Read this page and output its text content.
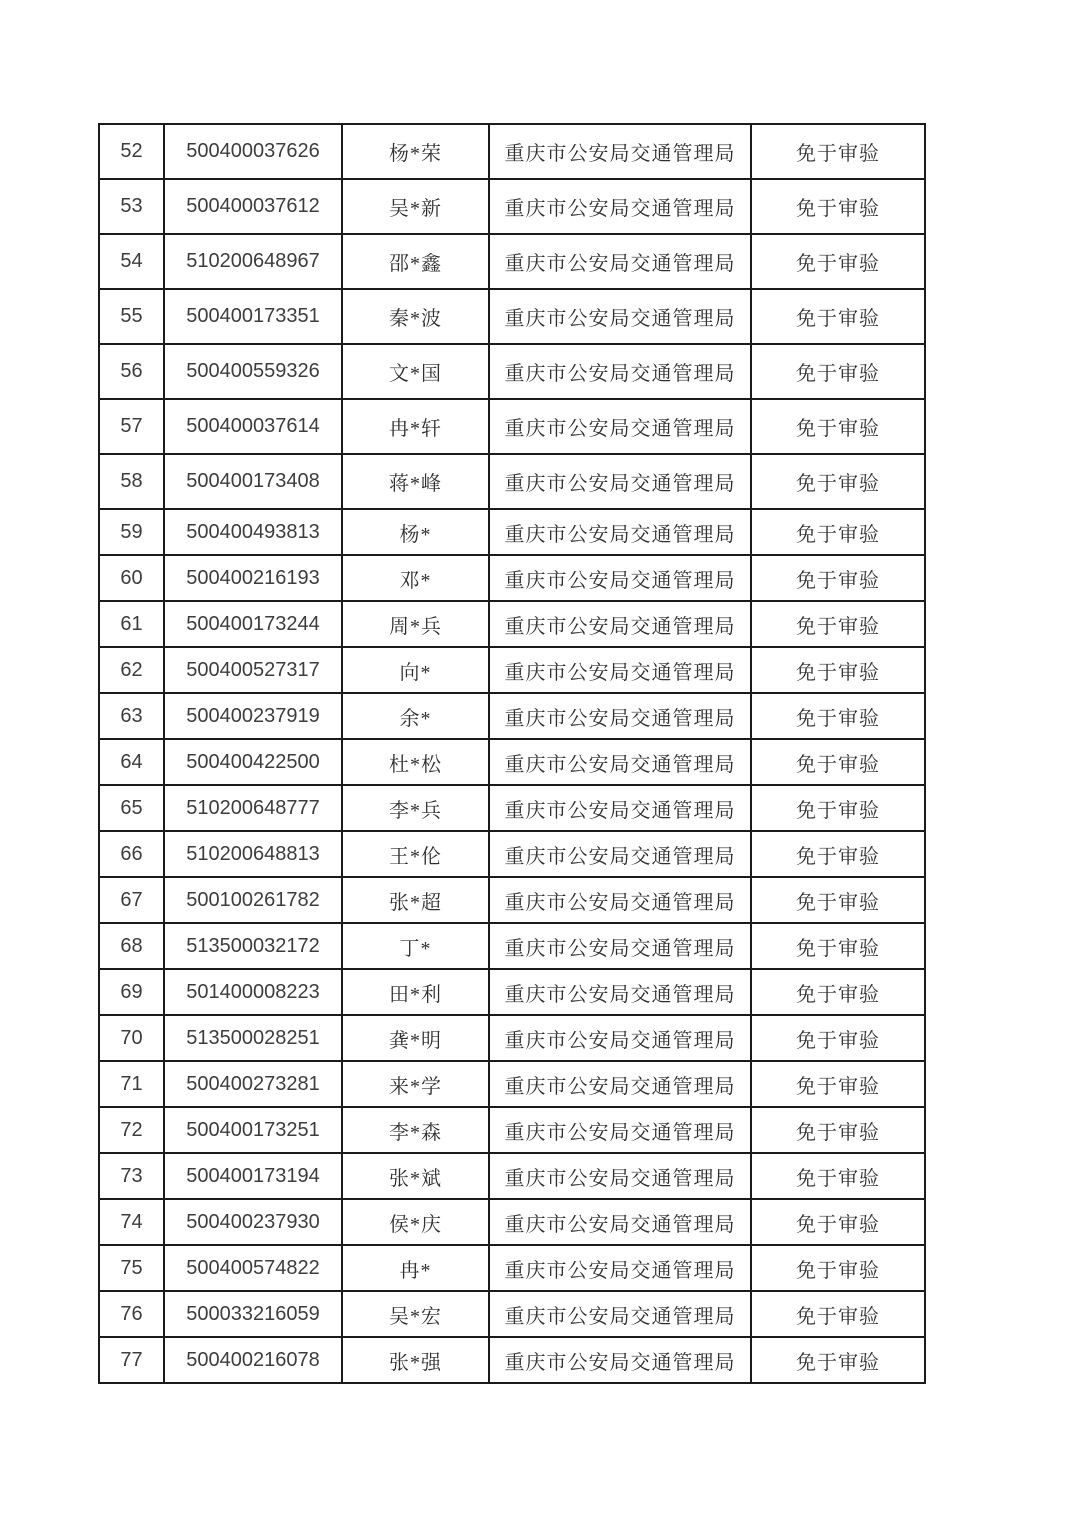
52	500400037626	杨*荣	重庆市公安局交通管理局	免于审验
53	500400037612	吴*新	重庆市公安局交通管理局	免于审验
54	510200648967	邵*鑫	重庆市公安局交通管理局	免于审验
55	500400173351	秦*波	重庆市公安局交通管理局	免于审验
56	500400559326	文*国	重庆市公安局交通管理局	免于审验
57	500400037614	冉*轩	重庆市公安局交通管理局	免于审验
58	500400173408	蒋*峰	重庆市公安局交通管理局	免于审验
59	500400493813	杨*	重庆市公安局交通管理局	免于审验
60	500400216193	邓*	重庆市公安局交通管理局	免于审验
61	500400173244	周*兵	重庆市公安局交通管理局	免于审验
62	500400527317	向*	重庆市公安局交通管理局	免于审验
63	500400237919	余*	重庆市公安局交通管理局	免于审验
64	500400422500	杜*松	重庆市公安局交通管理局	免于审验
65	510200648777	李*兵	重庆市公安局交通管理局	免于审验
66	510200648813	王*伦	重庆市公安局交通管理局	免于审验
67	500100261782	张*超	重庆市公安局交通管理局	免于审验
68	513500032172	丁*	重庆市公安局交通管理局	免于审验
69	501400008223	田*利	重庆市公安局交通管理局	免于审验
70	513500028251	龚*明	重庆市公安局交通管理局	免于审验
71	500400273281	来*学	重庆市公安局交通管理局	免于审验
72	500400173251	李*森	重庆市公安局交通管理局	免于审验
73	500400173194	张*斌	重庆市公安局交通管理局	免于审验
74	500400237930	侯*庆	重庆市公安局交通管理局	免于审验
75	500400574822	冉*	重庆市公安局交通管理局	免于审验
76	500033216059	吴*宏	重庆市公安局交通管理局	免于审验
77	500400216078	张*强	重庆市公安局交通管理局	免于审验
